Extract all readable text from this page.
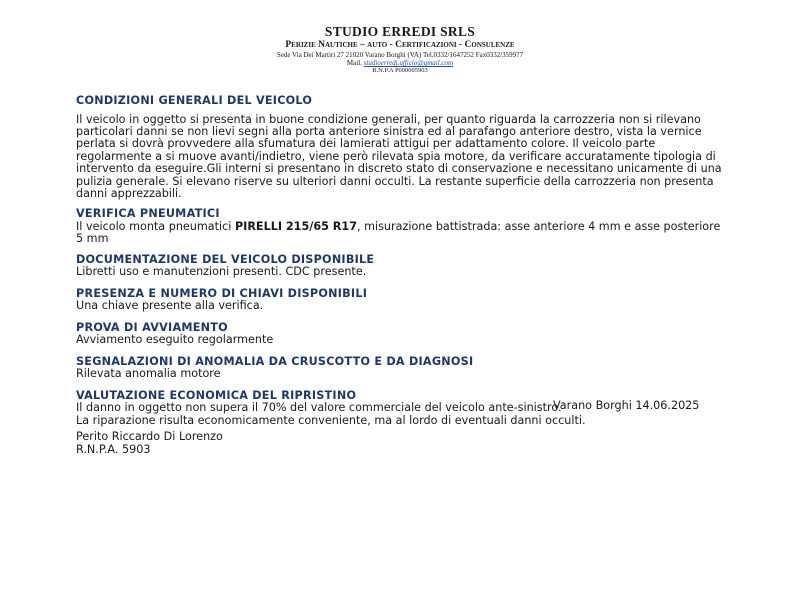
STUDIO ERREDI SRLS
Perizie Nautiche – auto - Certificazioni - Consulenze
Sede Via Dei Martiri 27 21020 Varano Borghi (VA) Tel.0332/1647252 Fax0332/359977
Mail. studioerredi.ufficio@gmail.com
R.N.P.A P000005903
CONDIZIONI GENERALI DEL VEICOLO

Il veicolo in oggetto si presenta in buone condizione generali, per quanto riguarda la carrozzeria non si rilevano particolari danni se non lievi segni alla porta anteriore sinistra ed al parafango anteriore destro, vista la vernice perlata si dovrà provvedere alla sfumatura dei lamierati attigui per adattamento colore. Il veicolo parte regolarmente a si muove avanti/indietro, viene però rilevata spia motore, da verificare accuratamente tipologia di intervento da eseguire.Gli interni si presentano in discreto stato di conservazione e necessitano unicamente di una pulizia generale. Si elevano riserve su ulteriori danni occulti. La restante superficie della carrozzeria non presenta danni apprezzabili.

VERIFICA PNEUMATICI

Il veicolo monta pneumatici PIRELLI 215/65 R17, misurazione battistrada: asse anteriore 4 mm e asse posteriore 5 mm

DOCUMENTAZIONE DEL VEICOLO DISPONIBILE

Libretti uso e manutenzioni presenti. CDC presente.

PRESENZA E NUMERO DI CHIAVI DISPONIBILI

Una chiave presente alla verifica.

PROVA DI AVVIAMENTO

Avviamento eseguito regolarmente

SEGNALAZIONI DI ANOMALIA DA CRUSCOTTO E DA DIAGNOSI

Rilevata anomalia motore

VALUTAZIONE ECONOMICA DEL RIPRISTINO

Il danno in oggetto non supera il 70% del valore commerciale del veicolo ante-sinistro.

La riparazione risulta economicamente conveniente, ma al lordo di eventuali danni occulti.

Varano Borghi 14.06.2025
Perito Riccardo Di Lorenzo
R.N.P.A. 5903
